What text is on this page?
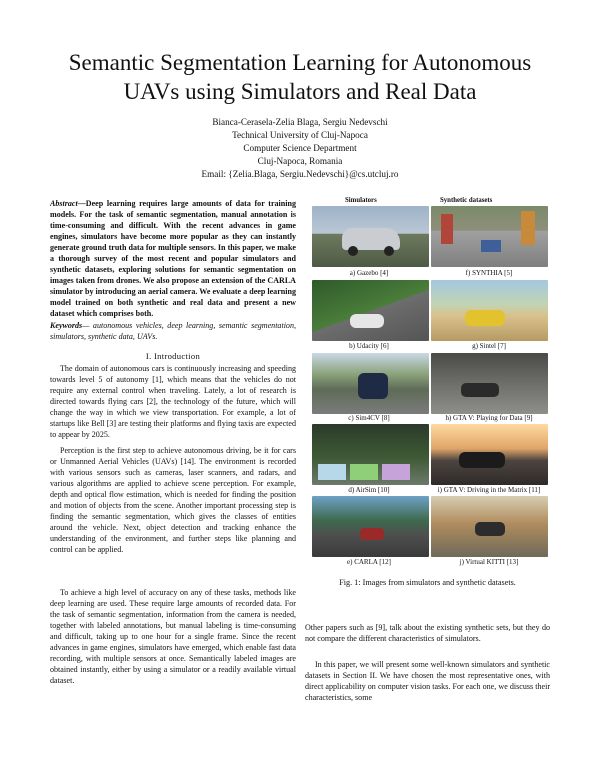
Semantic Segmentation Learning for Autonomous
UAVs using Simulators and Real Data
Bianca-Cerasela-Zelia Blaga, Sergiu Nedevschi
Technical University of Cluj-Napoca
Computer Science Department
Cluj-Napoca, Romania
Email: {Zelia.Blaga, Sergiu.Nedevschi}@cs.utcluj.ro
Abstract—Deep learning requires large amounts of data for training models. For the task of semantic segmentation, manual annotation is time-consuming and difficult. With the recent advances in game engines, simulators have become more popular as they can instantly generate ground truth data for multiple sensors. In this paper, we make a thorough survey of the most recent and popular simulators and synthetic datasets, exploring solutions for semantic segmentation on images taken from drones. We also propose an extension of the CARLA simulator by introducing an aerial camera. We evaluate a deep learning model trained on both synthetic and real data and present a new dataset which comprises both.
Keywords— autonomous vehicles, deep learning, semantic segmentation, simulators, synthetic data, UAVs.
I. Introduction

The domain of autonomous cars is continuously increasing and speeding towards level 5 of autonomy [1], which means that the vehicles do not require any external control when traveling. Lately, a lot of research is directed towards flying cars [2], the technology of the future, which will change the way in which we view transportation. For example, a lot of startups like Bell [3] are testing their platforms and flying taxis are expected to appear by 2025.

Perception is the first step to achieve autonomous driving, be it for cars or Unmanned Aerial Vehicles (UAVs) [14]. The environment is recorded with various sensors such as cameras, laser scanners, and radars, and various algorithms are applied to achieve scene perception. For example, depth and optical flow estimation, which is needed for finding the position and motion of objects from the scene. Another important processing step is finding the semantic segmentation, which gives the classes of entities around the vehicle. Next, object detection and tracking enhance the understanding of the environment, and further steps like planning and control can be applied.

To achieve a high level of accuracy on any of these tasks, methods like deep learning are used. These require large amounts of recorded data. For the task of semantic segmentation, information from the camera is needed, together with labeled annotations, but manual labeling is time-consuming and difficult, taking up to one hour for a single frame. Since the recent advances in game engines, simulators have emerged, which enable fast data recording, with multiple sensors at once. Semantically labeled images are obtained instantly, either by using a simulator or a readily available virtual dataset.

Simulators	Synthetic datasets
a) Gazebo [4]	f) SYNTHIA [5]
b) Udacity [6]	g) Sintel [7]
c) Sim4CV [8]	h) GTA V: Playing for Data [9]
d) AirSim [10]	i) GTA V: Driving in the Matrix [11]
e) CARLA [12]	j) Virtual KITTI [13]
Fig. 1: Images from simulators and synthetic datasets.

Other papers such as [9], talk about the existing synthetic sets, but they do not compare the different characteristics of simulators.

In this paper, we will present some well-known simulators and synthetic datasets in Section II. We have chosen the most representative ones, with direct applicability on computer vision tasks. For each one, we discuss their characteristics, some
